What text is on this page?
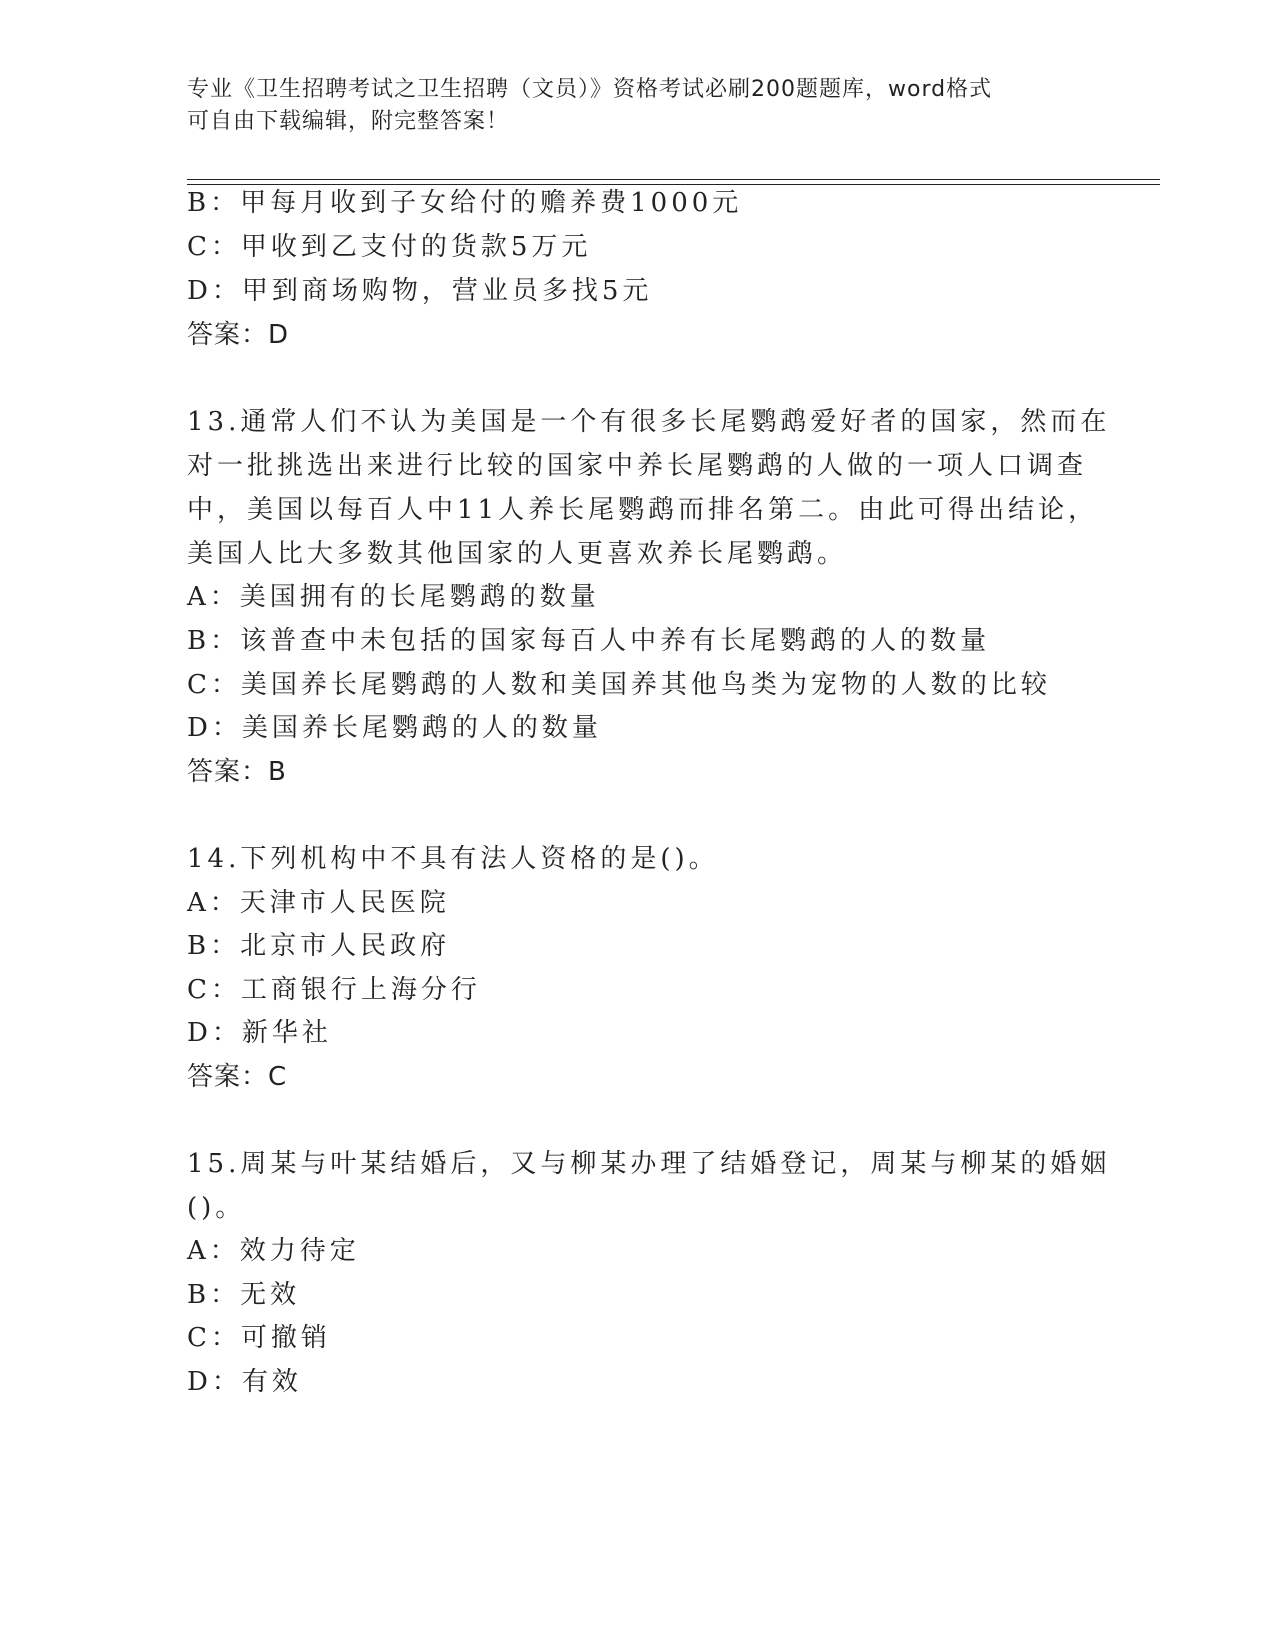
专业《卫生招聘考试之卫生招聘（文员）》资格考试必刷200题题库，word格式
可自由下载编辑，附完整答案！
B：甲每月收到子女给付的赡养费1000元
C：甲收到乙支付的货款5万元
D：甲到商场购物，营业员多找5元
答案：D
13.通常人们不认为美国是一个有很多长尾鹦鹉爱好者的国家，然而在
对一批挑选出来进行比较的国家中养长尾鹦鹉的人做的一项人口调查
中，美国以每百人中11人养长尾鹦鹉而排名第二。由此可得出结论，
美国人比大多数其他国家的人更喜欢养长尾鹦鹉。
A：美国拥有的长尾鹦鹉的数量
B：该普查中未包括的国家每百人中养有长尾鹦鹉的人的数量
C：美国养长尾鹦鹉的人数和美国养其他鸟类为宠物的人数的比较
D：美国养长尾鹦鹉的人的数量
答案：B
14.下列机构中不具有法人资格的是()。
A：天津市人民医院
B：北京市人民政府
C：工商银行上海分行
D：新华社
答案：C
15.周某与叶某结婚后，又与柳某办理了结婚登记，周某与柳某的婚姻
()。
A：效力待定
B：无效
C：可撤销
D：有效
